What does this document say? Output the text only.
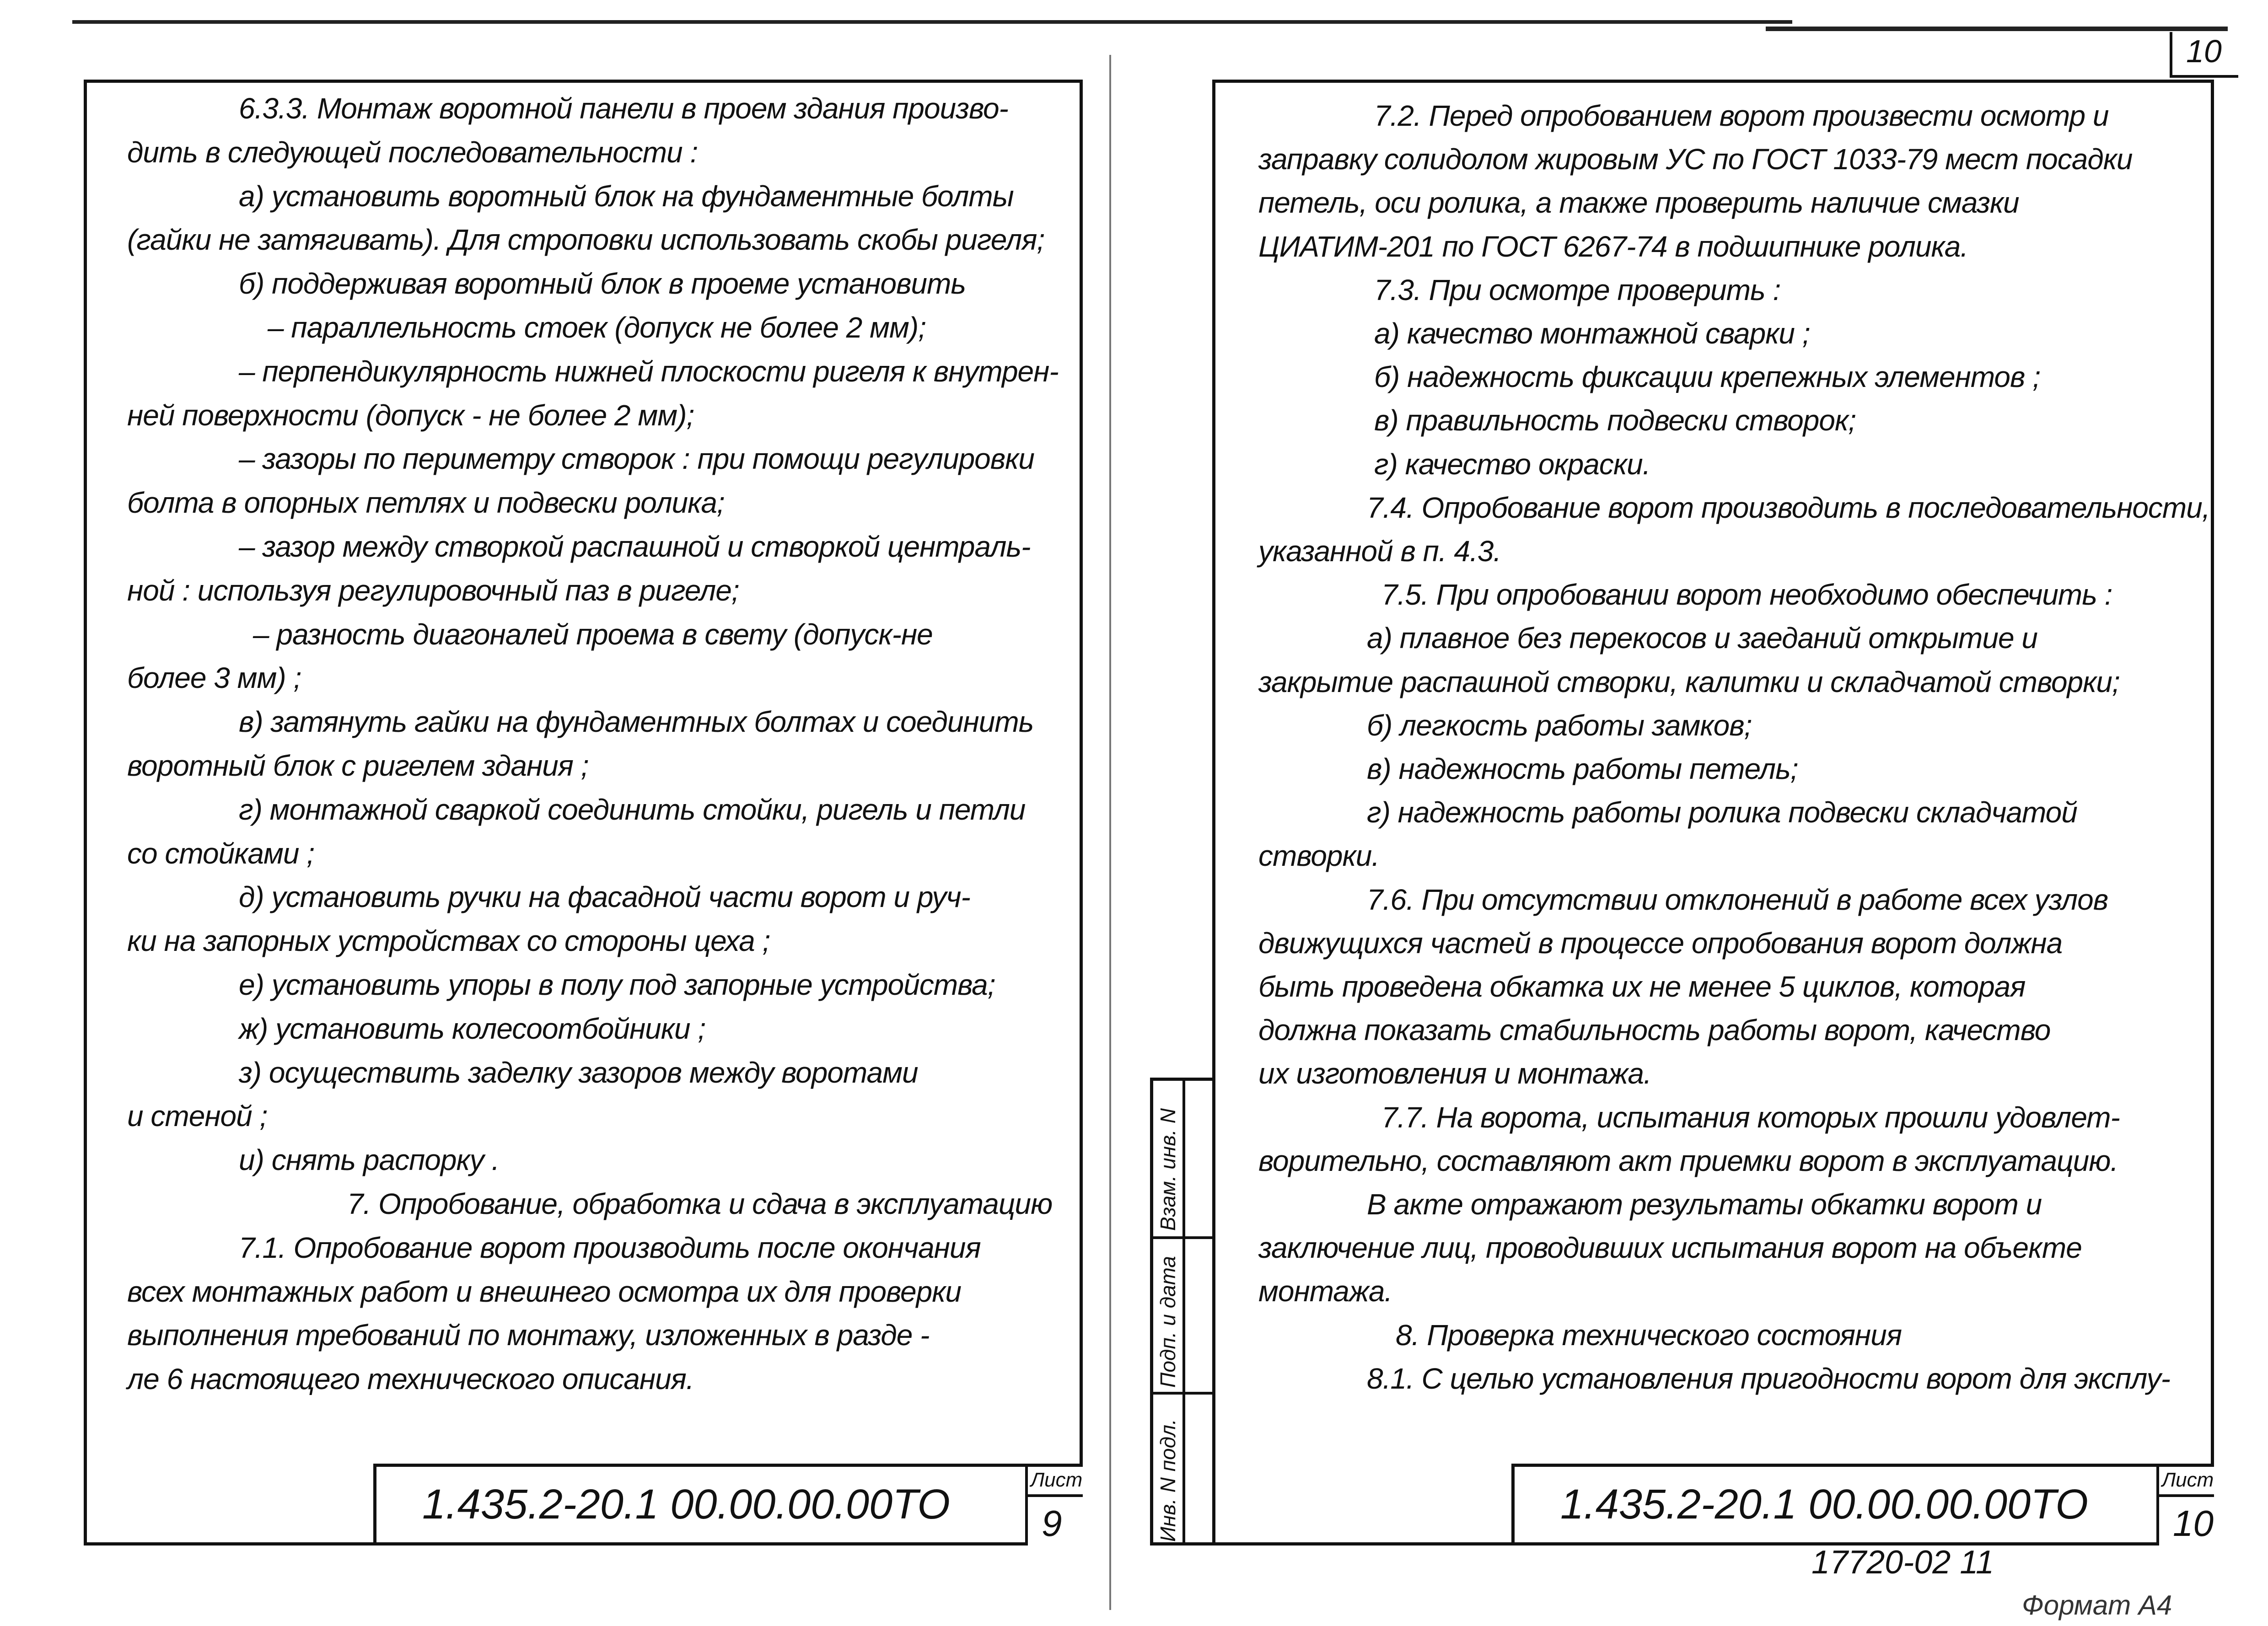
10
6.3.3. Монтаж воротной панели в проем здания произво-
дить в следующей последовательности :
а) установить воротный блок на фундаментные болты
(гайки не затягивать). Для строповки использовать скобы ригеля;
б) поддерживая воротный блок в проеме установить
– параллельность стоек (допуск не более 2 мм);
– перпендикулярность нижней плоскости ригеля к внутрен-
ней поверхности (допуск - не более 2 мм);
– зазоры по периметру створок : при помощи регулировки
болта в опорных петлях и подвески ролика;
– зазор между створкой распашной и створкой централь-
ной : используя регулировочный паз в ригеле;
– разность диагоналей проема в свету (допуск-не
более 3 мм) ;
в) затянуть гайки на фундаментных болтах и соединить
воротный блок с ригелем здания ;
г) монтажной сваркой соединить стойки, ригель и петли
со стойками ;
д) установить ручки на фасадной части ворот и руч-
ки на запорных устройствах со стороны цеха ;
е) установить упоры в полу под запорные устройства;
ж) установить колесоотбойники ;
з) осуществить заделку зазоров между воротами
и стеной ;
и) снять распорку .
7. Опробование, обработка и сдача в эксплуатацию
7.1. Опробование ворот производить после окончания
всех монтажных работ и внешнего осмотра их для проверки
выполнения требований по монтажу, изложенных в разде -
ле 6 настоящего технического описания.
1.435.2-20.1 00.00.00.00ТО
Лист
9
7.2. Перед опробованием ворот произвести осмотр и
заправку солидолом жировым УС по ГОСТ 1033-79 мест посадки
петель, оси ролика, а также проверить наличие смазки
ЦИАТИМ-201 по ГОСТ 6267-74 в подшипнике ролика.
7.3. При осмотре проверить :
а) качество монтажной сварки ;
б) надежность фиксации крепежных элементов ;
в) правильность подвески створок;
г) качество окраски.
7.4. Опробование ворот производить в последовательности,
указанной в п. 4.3.
7.5. При опробовании ворот необходимо обеспечить :
а) плавное без перекосов и заеданий открытие и
закрытие распашной створки, калитки и складчатой створки;
б) легкость работы замков;
в) надежность работы петель;
г) надежность работы ролика подвески складчатой
створки.
7.6. При отсутствии отклонений в работе всех узлов
движущихся частей в процессе опробования ворот должна
быть проведена обкатка их не менее 5 циклов, которая
должна показать стабильность работы ворот, качество
их изготовления и монтажа.
7.7. На ворота, испытания которых прошли удовлет-
ворительно, составляют акт приемки ворот в эксплуатацию.
В акте отражают результаты обкатки ворот и
заключение лиц, проводивших испытания ворот на объекте
монтажа.
8. Проверка технического состояния
8.1. С целью установления пригодности ворот для эксплу-
1.435.2-20.1 00.00.00.00ТО
Лист
10
Взам. инв. N
Подп. и дата
Инв. N подл.
17720-02 11
Формат А4
